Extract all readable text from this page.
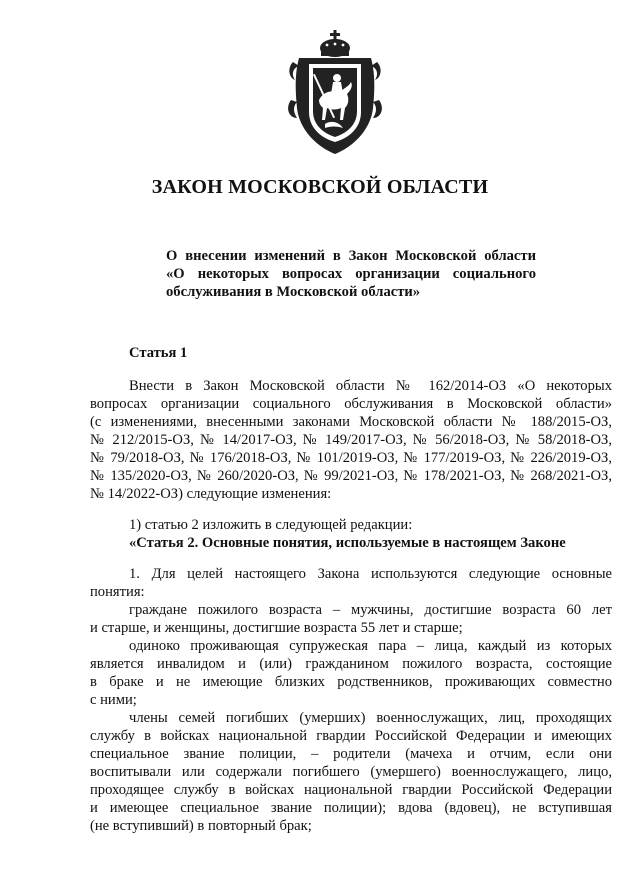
ЗАКОН МОСКОВСКОЙ ОБЛАСТИ
О внесении изменений в Закон Московской области
«О некоторых вопросах организации социального
обслуживания в Московской области»
Статья 1
Внести в Закон Московской области № 162/2014-ОЗ «О некоторых
вопросах организации социального обслуживания в Московской области»
(с изменениями, внесенными законами Московской области № 188/2015-ОЗ,
№ 212/2015-ОЗ, № 14/2017-ОЗ, № 149/2017-ОЗ, № 56/2018-ОЗ, № 58/2018-ОЗ,
№ 79/2018-ОЗ, № 176/2018-ОЗ, № 101/2019-ОЗ, № 177/2019-ОЗ, № 226/2019-ОЗ,
№ 135/2020-ОЗ, № 260/2020-ОЗ, № 99/2021-ОЗ, № 178/2021-ОЗ, № 268/2021-ОЗ,
№ 14/2022-ОЗ) следующие изменения:
1) статью 2 изложить в следующей редакции:
«Статья 2. Основные понятия, используемые в настоящем Законе
1. Для целей настоящего Закона используются следующие основные
понятия:
граждане пожилого возраста – мужчины, достигшие возраста 60 лет
и старше, и женщины, достигшие возраста 55 лет и старше;
одиноко проживающая супружеская пара – лица, каждый из которых
является инвалидом и (или) гражданином пожилого возраста, состоящие
в браке и не имеющие близких родственников, проживающих совместно
с ними;
члены семей погибших (умерших) военнослужащих, лиц, проходящих
службу в войсках национальной гвардии Российской Федерации и имеющих
специальное звание полиции, – родители (мачеха и отчим, если они
воспитывали или содержали погибшего (умершего) военнослужащего, лицо,
проходящее службу в войсках национальной гвардии Российской Федерации
и имеющее специальное звание полиции); вдова (вдовец), не вступившая
(не вступивший) в повторный брак;
